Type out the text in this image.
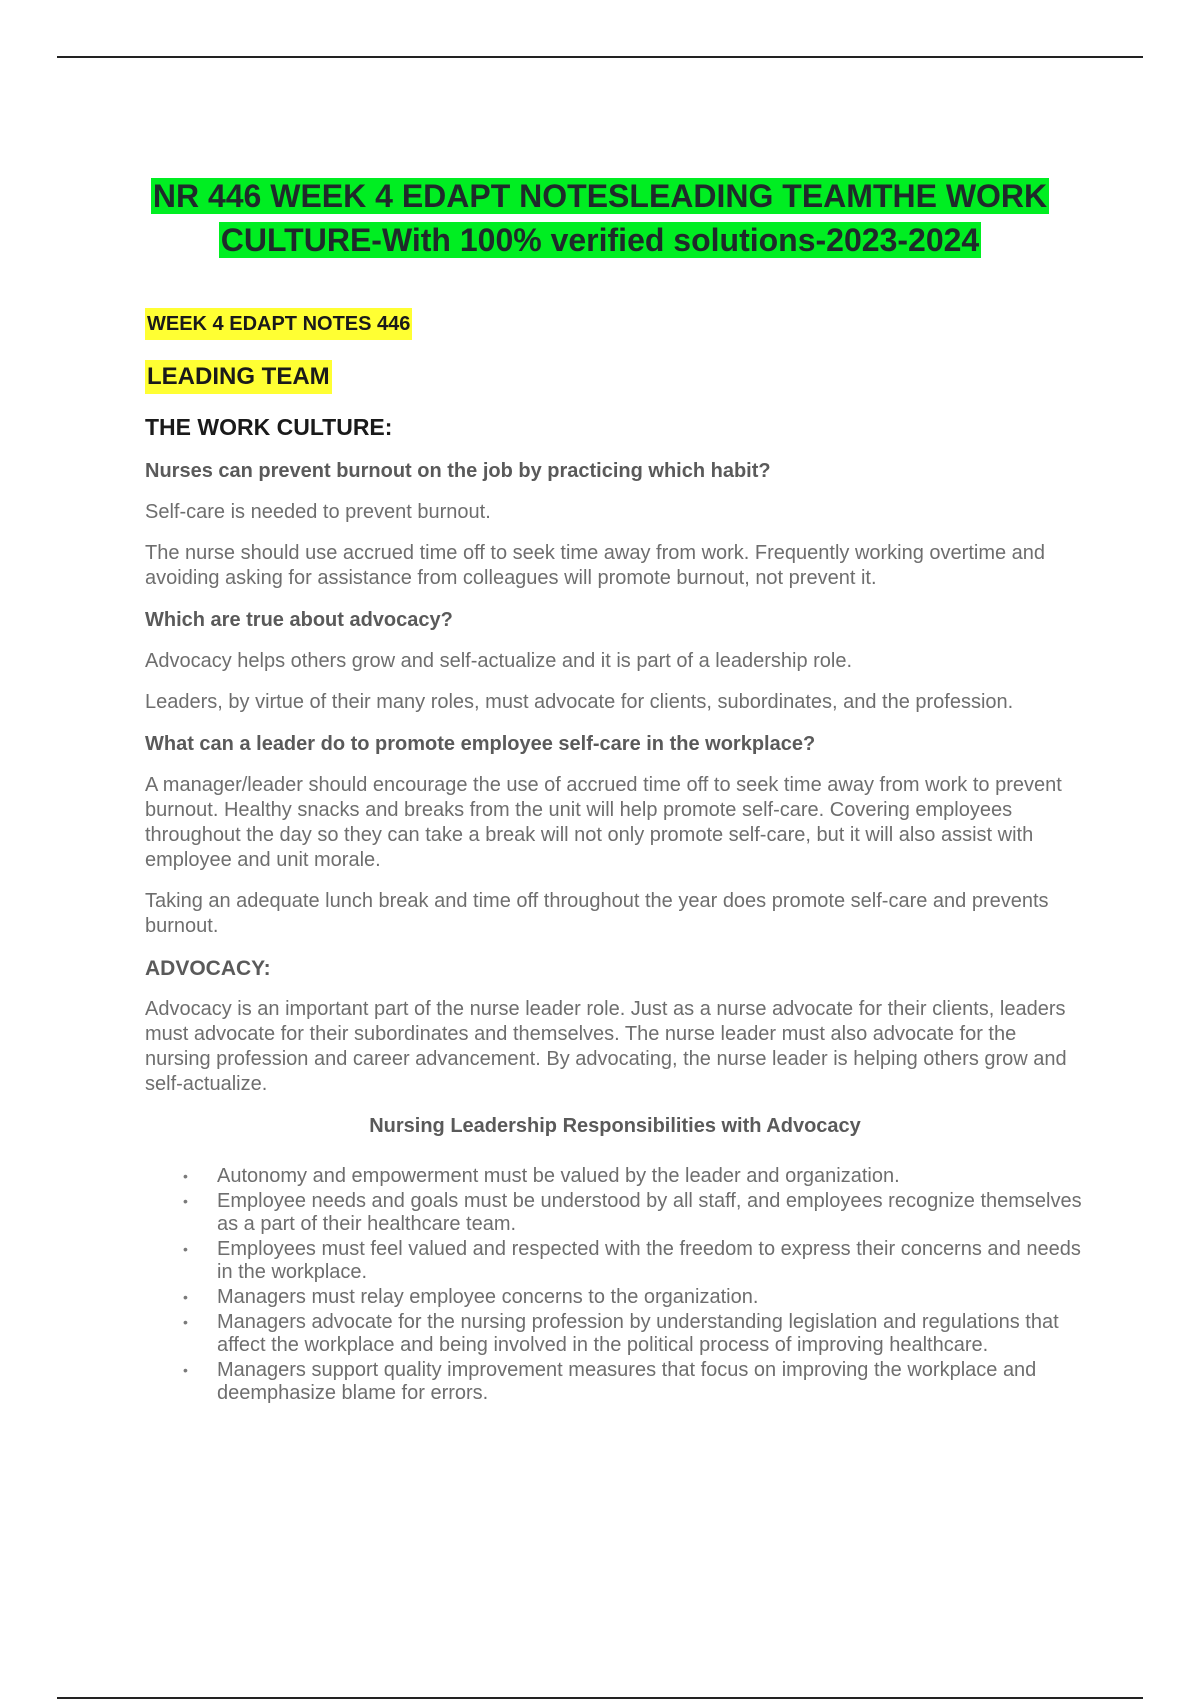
NR 446 WEEK 4 EDAPT NOTESLEADING TEAMTHE WORK
CULTURE-With 100% verified solutions-2023-2024
WEEK 4 EDAPT NOTES 446
LEADING TEAM
THE WORK CULTURE:
Nurses can prevent burnout on the job by practicing which habit?
Self-care is needed to prevent burnout.
The nurse should use accrued time off to seek time away from work. Frequently working overtime and avoiding asking for assistance from colleagues will promote burnout, not prevent it.
Which are true about advocacy?
Advocacy helps others grow and self-actualize and it is part of a leadership role.
Leaders, by virtue of their many roles, must advocate for clients, subordinates, and the profession.
What can a leader do to promote employee self-care in the workplace?
A manager/leader should encourage the use of accrued time off to seek time away from work to prevent burnout. Healthy snacks and breaks from the unit will help promote self-care. Covering employees throughout the day so they can take a break will not only promote self-care, but it will also assist with employee and unit morale.
Taking an adequate lunch break and time off throughout the year does promote self-care and prevents burnout.
ADVOCACY:
Advocacy is an important part of the nurse leader role. Just as a nurse advocate for their clients, leaders must advocate for their subordinates and themselves. The nurse leader must also advocate for the nursing profession and career advancement. By advocating, the nurse leader is helping others grow and self-actualize.
Nursing Leadership Responsibilities with Advocacy
• Autonomy and empowerment must be valued by the leader and organization.
• Employee needs and goals must be understood by all staff, and employees recognize themselves as a part of their healthcare team.
• Employees must feel valued and respected with the freedom to express their concerns and needs in the workplace.
• Managers must relay employee concerns to the organization.
• Managers advocate for the nursing profession by understanding legislation and regulations that affect the workplace and being involved in the political process of improving healthcare.
• Managers support quality improvement measures that focus on improving the workplace and deemphasize blame for errors.
